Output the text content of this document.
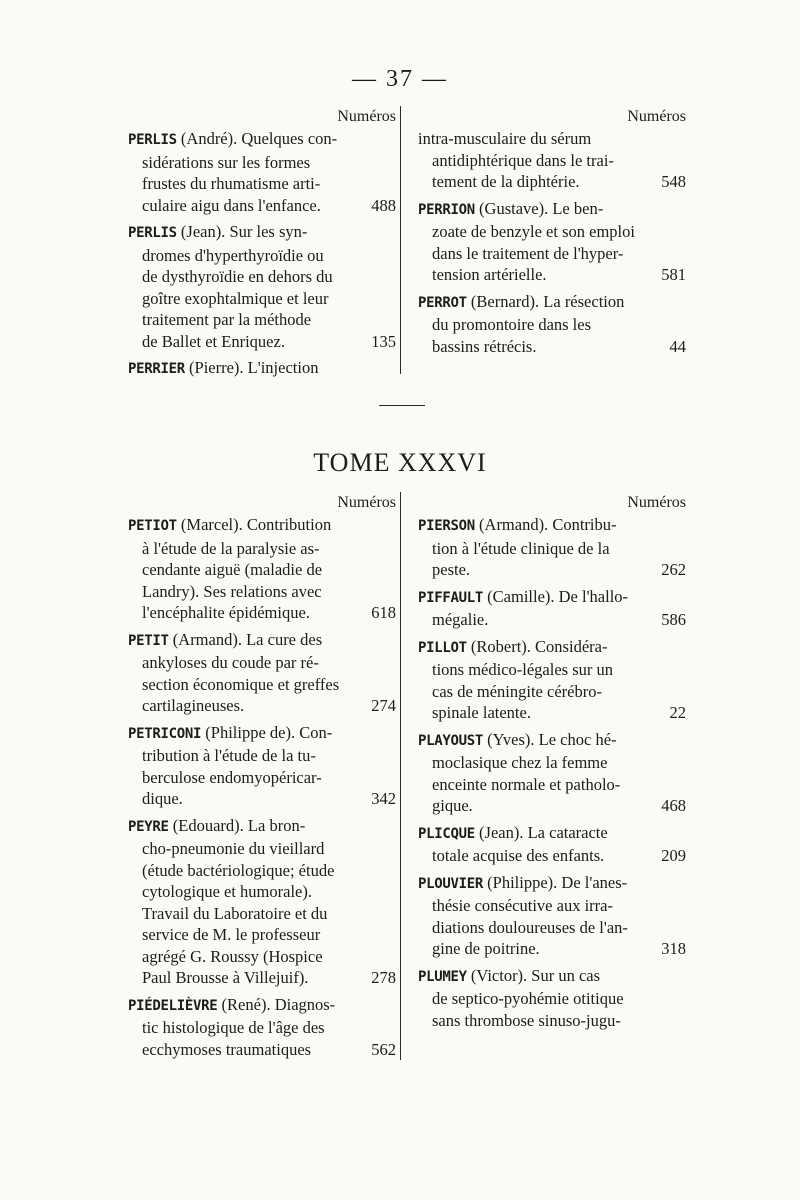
— 37 —
Numéros
PERLIS (André). Quelques con-
sidérations sur les formes
frustes du rhumatisme arti-
culaire aigu dans l'enfance.	488
PERLIS (Jean). Sur les syn-
dromes d'hyperthyroïdie ou
de dysthyroïdie en dehors du
goître exophtalmique et leur
traitement par la méthode
de Ballet et Enriquez.	135
PERRIER (Pierre). L'injection
Numéros
intra-musculaire du sérum
antidiphtérique dans le trai-
tement de la diphtérie.	548
PERRION (Gustave). Le ben-
zoate de benzyle et son emploi
dans le traitement de l'hyper-
tension artérielle.	581
PERROT (Bernard). La résection
du promontoire dans les
bassins rétrécis.	44
TOME XXXVI
Numéros
PETIOT (Marcel). Contribution
à l'étude de la paralysie as-
cendante aiguë (maladie de
Landry). Ses relations avec
l'encéphalite épidémique.	618
PETIT (Armand). La cure des
ankyloses du coude par ré-
section économique et greffes
cartilagineuses.	274
PETRICONI (Philippe de). Con-
tribution à l'étude de la tu-
berculose endomyopéricar-
dique.	342
PEYRE (Edouard). La bron-
cho-pneumonie du vieillard
(étude bactériologique; étude
cytologique et humorale).
Travail du Laboratoire et du
service de M. le professeur
agrégé G. Roussy (Hospice
Paul Brousse à Villejuif).	278
PIÉDELIÈVRE (René). Diagnos-
tic histologique de l'âge des
ecchymoses traumatiques	562
Numéros
PIERSON (Armand). Contribu-
tion à l'étude clinique de la
peste.	262
PIFFAULT (Camille). De l'hallo-
mégalie.	586
PILLOT (Robert). Considéra-
tions médico-légales sur un
cas de méningite cérébro-
spinale latente.	22
PLAYOUST (Yves). Le choc hé-
moclasique chez la femme
enceinte normale et patholo-
gique.	468
PLICQUE (Jean). La cataracte
totale acquise des enfants.	209
PLOUVIER (Philippe). De l'anes-
thésie consécutive aux irra-
diations douloureuses de l'an-
gine de poitrine.	318
PLUMEY (Victor). Sur un cas
de septico-pyohémie otitique
sans thrombose sinuso-jugu-
